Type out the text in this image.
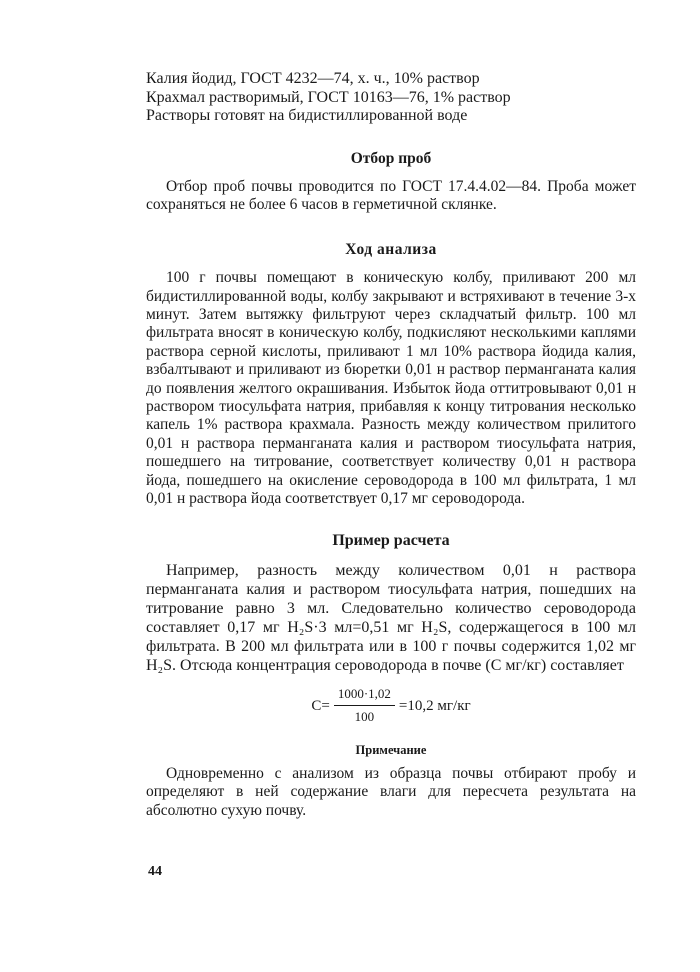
Калия йодид, ГОСТ 4232—74, х. ч., 10% раствор

Крахмал растворимый, ГОСТ 10163—76, 1% раствор

Растворы готовят на бидистиллированной воде

Отбор проб

Отбор проб почвы проводится по ГОСТ 17.4.4.02—84. Проба может сохраняться не более 6 часов в герметичной склянке.

Ход анализа

100 г почвы помещают в коническую колбу, приливают 200 мл бидистиллированной воды, колбу закрывают и встряхивают в течение 3-х минут. Затем вытяжку фильтруют через складчатый фильтр. 100 мл фильтрата вносят в коническую колбу, подкисляют несколькими каплями раствора серной кислоты, приливают 1 мл 10% раствора йодида калия, взбалтывают и приливают из бюретки 0,01 н раствор перманганата калия до появления желтого окрашивания. Избыток йода оттитровывают 0,01 н раствором тиосульфата натрия, прибавляя к концу титрования несколько капель 1% раствора крахмала. Разность между количеством прилитого 0,01 н раствора перманганата калия и раствором тиосульфата натрия, пошедшего на титрование, соответствует количеству 0,01 н раствора йода, пошедшего на окисление сероводорода в 100 мл фильтрата, 1 мл 0,01 н раствора йода соответствует 0,17 мг сероводорода.

Пример расчета

Например, разность между количеством 0,01 н раствора перманганата калия и раствором тиосульфата натрия, пошедших на титрование равно 3 мл. Следовательно количество сероводорода составляет 0,17 мг H₂S·3 мл=0,51 мг H₂S, содержащегося в 100 мл фильтрата. В 200 мл фильтрата или в 100 г почвы содержится 1,02 мг H₂S. Отсюда концентрация сероводорода в почве (С мг/кг) составляет

$С= \frac{1000\cdot 1,02}{100} =10,2$ мг/кг
Примечание

Одновременно с анализом из образца почвы отбирают пробу и определяют в ней содержание влаги для пересчета результата на абсолютно сухую почву.

44
